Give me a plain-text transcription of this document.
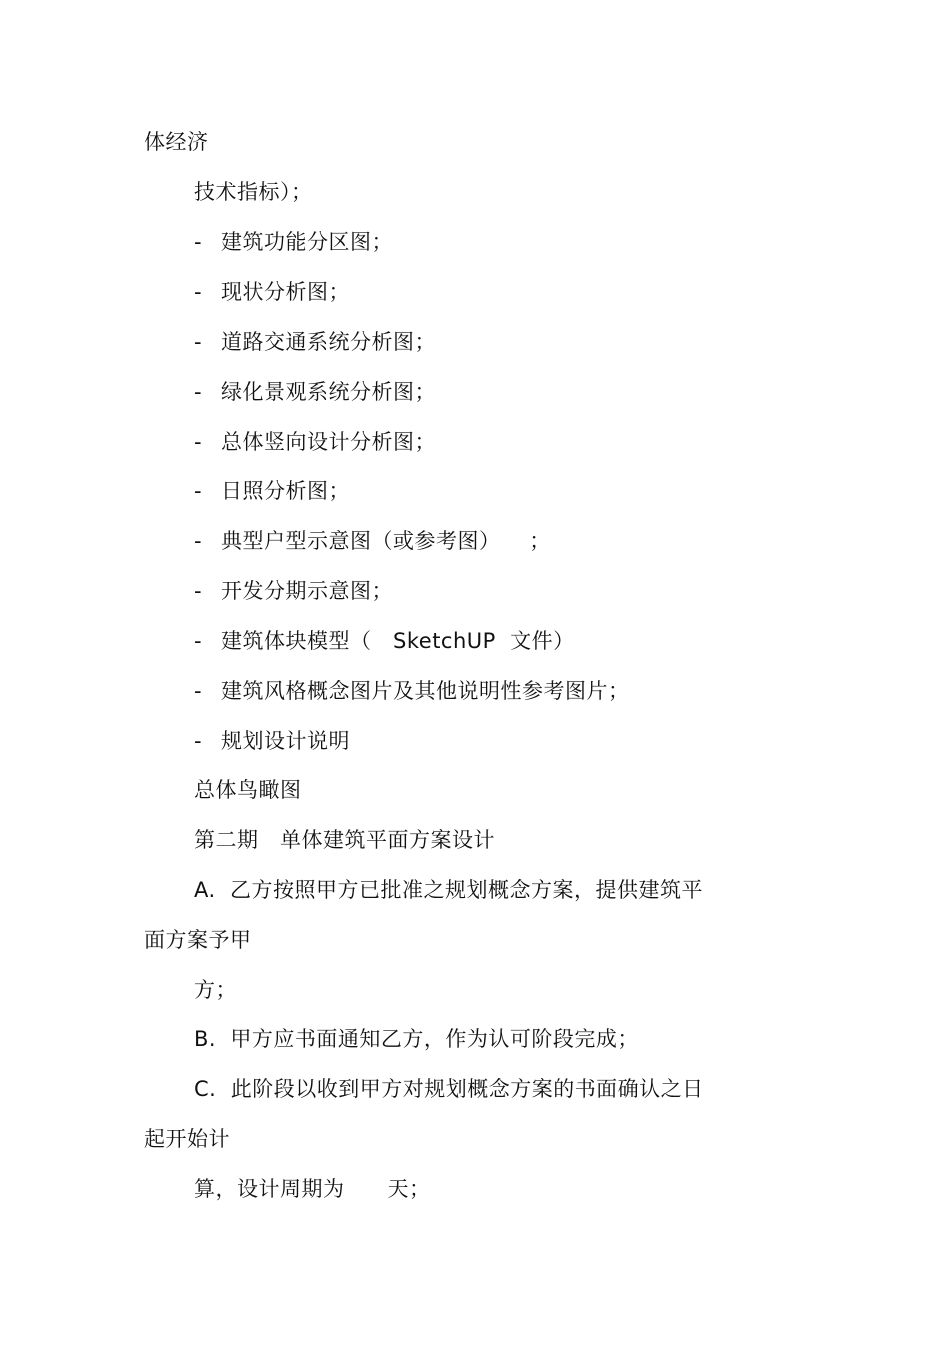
体经济
技术指标）；
- 建筑功能分区图；
- 现状分析图；
- 道路交通系统分析图；
- 绿化景观系统分析图；
- 总体竖向设计分析图；
- 日照分析图；
- 典型户型示意图（或参考图）    ；
- 开发分期示意图；
- 建筑体块模型（   SketchUP  文件）
- 建筑风格概念图片及其他说明性参考图片；
- 规划设计说明
总体鸟瞰图
第二期   单体建筑平面方案设计
A.  乙方按照甲方已批准之规划概念方案，提供建筑平
面方案予甲
方；
B.  甲方应书面通知乙方，作为认可阶段完成；
C.  此阶段以收到甲方对规划概念方案的书面确认之日
起开始计
算，设计周期为      天；
